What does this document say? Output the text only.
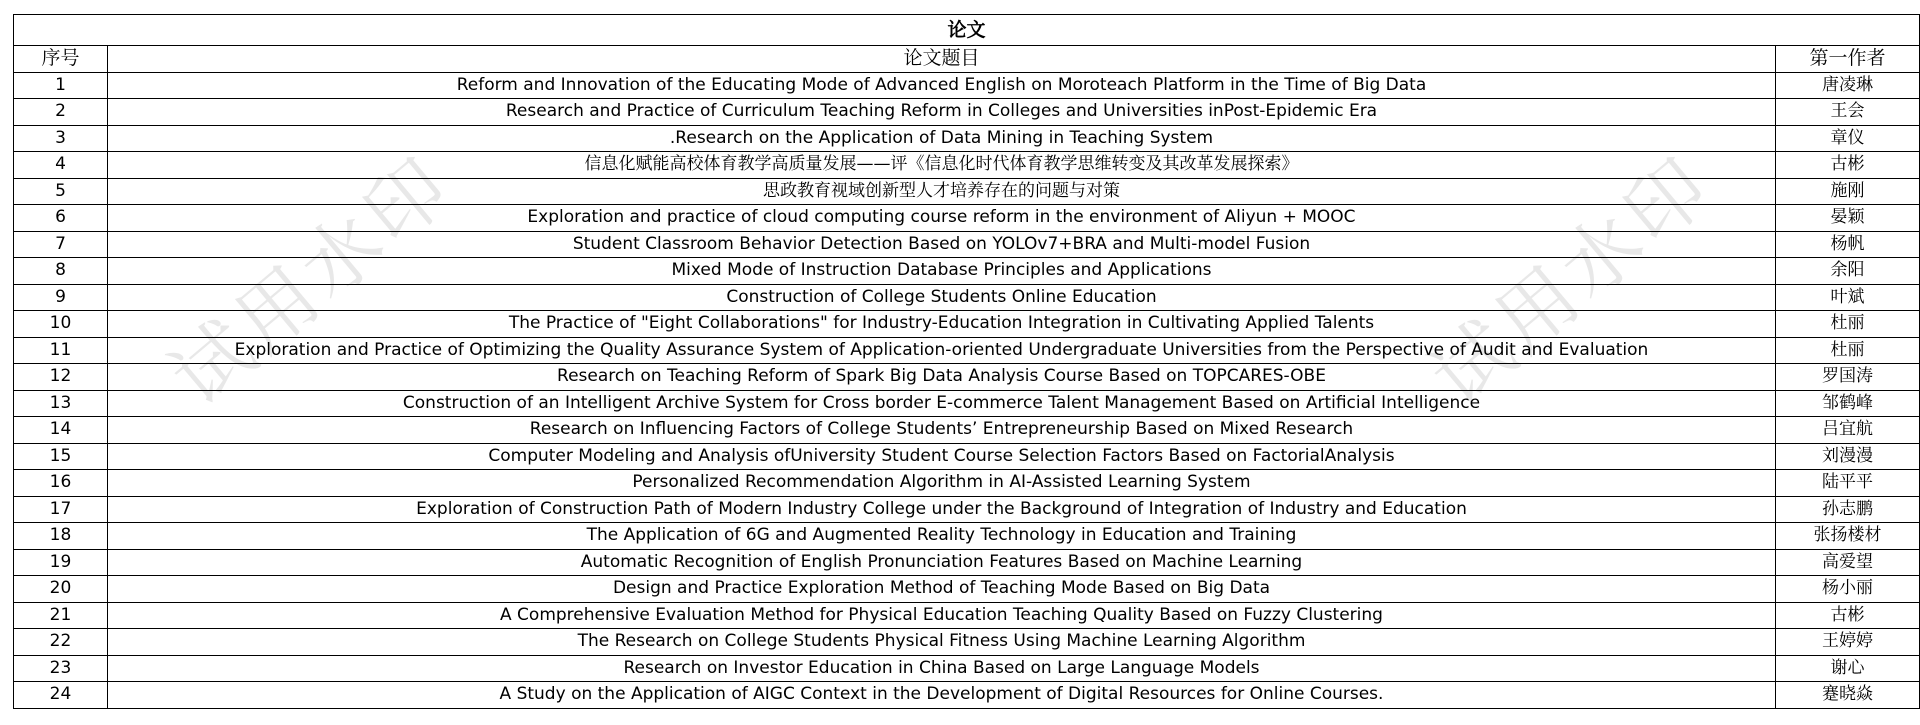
论文		
序号	论文题目	第一作者
1	Reform and Innovation of the Educating Mode of Advanced English on Moroteach Platform in the Time of Big Data	唐凌琳
2	Research and Practice of Curriculum Teaching Reform in Colleges and Universities inPost-Epidemic Era	王会
3	.Research on the Application of Data Mining in Teaching System	章仪
4	信息化赋能高校体育教学高质量发展——评《信息化时代体育教学思维转变及其改革发展探索》	古彬
5	思政教育视域创新型人才培养存在的问题与对策	施刚
6	Exploration and practice of cloud computing course reform in the environment of Aliyun + MOOC	晏颖
7	Student Classroom Behavior Detection Based on YOLOv7+BRA and Multi-model Fusion	杨帆
8	Mixed Mode of Instruction Database Principles and Applications	余阳
9	Construction of College Students Online Education	叶斌
10	The Practice of "Eight Collaborations" for Industry-Education Integration in Cultivating Applied Talents	杜丽
11	Exploration and Practice of Optimizing the Quality Assurance System of Application-oriented Undergraduate Universities from the Perspective of Audit and Evaluation	杜丽
12	Research on Teaching Reform of Spark Big Data Analysis Course Based on TOPCARES-OBE	罗国涛
13	Construction of an Intelligent Archive System for Cross border E-commerce Talent Management Based on Artificial Intelligence	邹鹤峰
14	Research on Influencing Factors of College Students’ Entrepreneurship Based on Mixed Research	吕宜航
15	Computer Modeling and Analysis ofUniversity Student Course Selection Factors Based on FactorialAnalysis	刘漫漫
16	Personalized Recommendation Algorithm in AI-Assisted Learning System	陆平平
17	Exploration of Construction Path of Modern Industry College under the Background of Integration of Industry and Education	孙志鹏
18	The Application of 6G and Augmented Reality Technology in Education and Training	张扬楼材
19	Automatic Recognition of English Pronunciation Features Based on Machine Learning	高爱望
20	Design and Practice Exploration Method of Teaching Mode Based on Big Data	杨小丽
21	A Comprehensive Evaluation Method for Physical Education Teaching Quality Based on Fuzzy Clustering	古彬
22	The Research on College Students Physical Fitness Using Machine Learning Algorithm	王婷婷
23	Research on Investor Education in China Based on Large Language Models	谢心
24	A Study on the Application of AIGC Context in the Development of Digital Resources for Online Courses.	蹇晓焱
试用水印	试用水印
